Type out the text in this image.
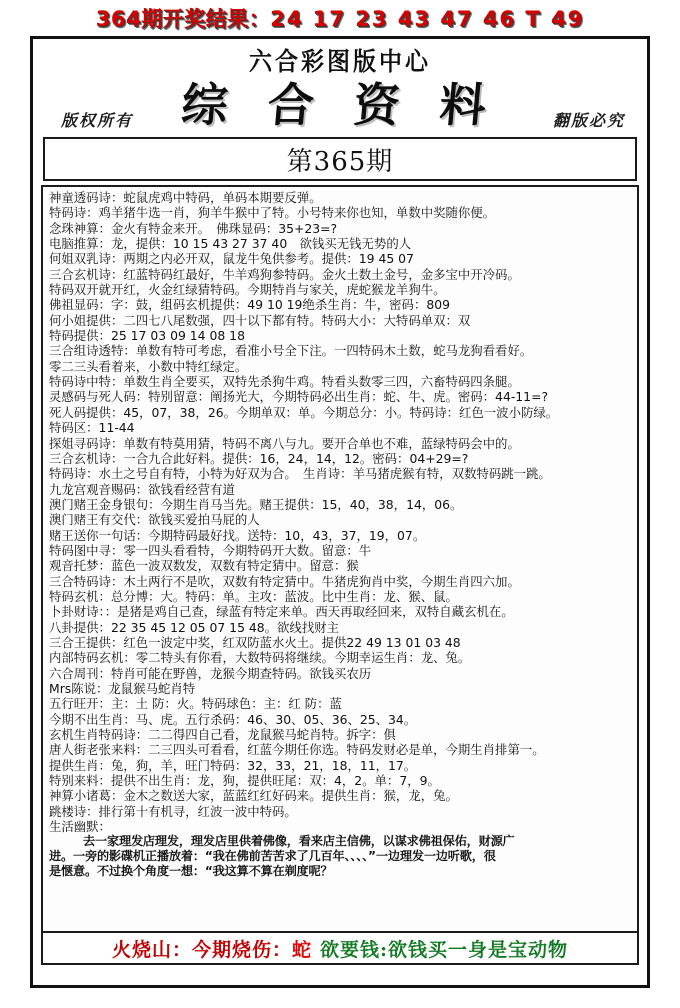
364期开奖结果：24 17 23 43 47 46 T 49
六合彩图版中心
综 合 资 料
版权所有	翻版必究
第365期
神童透码诗：蛇鼠虎鸡中特码，单码本期要反弹。
特码诗：鸡羊猪牛选一肖，狗羊牛猴中了特。小号特来你也知，单数中奖随你便。
念珠神算：金火有特金来开。　佛珠显码：35+23=?
电脑推算：龙，提供：10 15 43 27 37 40　欲钱买无钱无势的人
何姐双乳诗：两期之内必开双，鼠龙牛兔供参考。提供：19 45 07
三合玄机诗：红蓝特码红最好，牛羊鸡狗参特码。金火土数土金号，金多宝中开冷码。
特码双开就开红，火金红绿猜特码。今期特肖与家关，虎蛇猴龙羊狗牛。
佛祖显码：字：鼓，组码玄机提供：49 10 19绝杀生肖：牛，密码：809
何小姐提供：二四七八尾数强，四十以下都有特。特码大小：大特码单双：双
特码提供：25 17 03 09 14 08 18
三合组诗透特：单数有特可考虑，看准小号全下注。一四特码木土数，蛇马龙狗看看好。
零二三头看着来，小数中特红绿定。
特码诗中特：单数生肖全要买，双特先杀狗牛鸡。特看头数零三四，六畜特码四条腿。
灵感码与死人码：特别留意：阐扬光大，今期特码必出生肖：蛇、牛、虎。密码：44-11=?
死人码提供：45，07，38，26。今期单双：单。今期总分：小。特码诗：红色一波小防绿。
特码区：11-44
探姐寻码诗：单数有特莫用猜，特码不离八与九。要开合单也不难，蓝绿特码会中的。
三合玄机诗：一合九合此好料。提供：16，24，14，12。密码：04+29=?
特码诗：水土之号自有特，小特为好双为合。　生肖诗：羊马猪虎猴有特，双数特码跳一跳。
九龙宫观音赐码：欲钱看经营有道
澳门赌王金身银句：今期生肖马当先。赌王提供：15，40，38，14，06。
澳门赌王有交代：欲钱买爱拍马屁的人
赌王送你一句话：今期特码最好找。送特：10，43，37，19，07。
特码图中寻：零一四头看看特，今期特码开大数。留意：牛
观音托梦：蓝色一波双数发，双数有特定猜中。留意：猴
三合特码诗：木土两行不是吹，双数有特定猜中。牛猪虎狗肖中奖，今期生肖四六加。
特码玄机：总分博：大。特码：单。主攻：蓝波。比中生肖：龙、猴、鼠。
卜卦财诗：：是猪是鸡自己查，绿蓝有特定来单。西天再取经回来，双特自藏玄机在。
八卦提供：22 35 45 12 05 07 15 48。欲线找财主
三合王提供：红色一波定中奖，红双防蓝水火土。提供22 49 13 01 03 48
内部特码玄机：零二特头有你看，大数特码将继续。今期幸运生肖：龙、兔。
六合周刊：特肖可能在野兽，龙猴今期查特码。欲钱买农历
Mrs陈说：龙鼠猴马蛇肖特
五行旺开：主：土 防：火。特码球色：主：红 防：蓝
今期不出生肖：马、虎。五行杀码：46、30、05、36、25、34。
玄机生肖特码诗：二二得四自己看，龙鼠猴马蛇肖特。拆字：俱
唐人街老张来料：二三四头可看看，红蓝今期任你选。特码发财必是单，今期生肖排第一。
提供生肖：兔，狗，羊，旺门特码：32，33，21，18，11，17。
特别来料：提供不出生肖：龙，狗，提供旺尾：双：4，2。单：7，9。
神算小诸葛：金木之数送大家，蓝蓝红红好码来。提供生肖：猴，龙，兔。
跳楼诗：排行第十有机寻，红波一波中特码。
生活幽默：
去一家理发店理发，理发店里供着佛像，看来店主信佛，以谋求佛祖保佑，财源广
进。一旁的影碟机正播放着：“我在佛前苦苦求了几百年、、、、”一边理发一边听歌，很
是惬意。不过换个角度一想：“我这算不算在剃度呢？
火烧山：今期烧伤： 蛇 欲要钱: 欲钱买一身是宝动物
